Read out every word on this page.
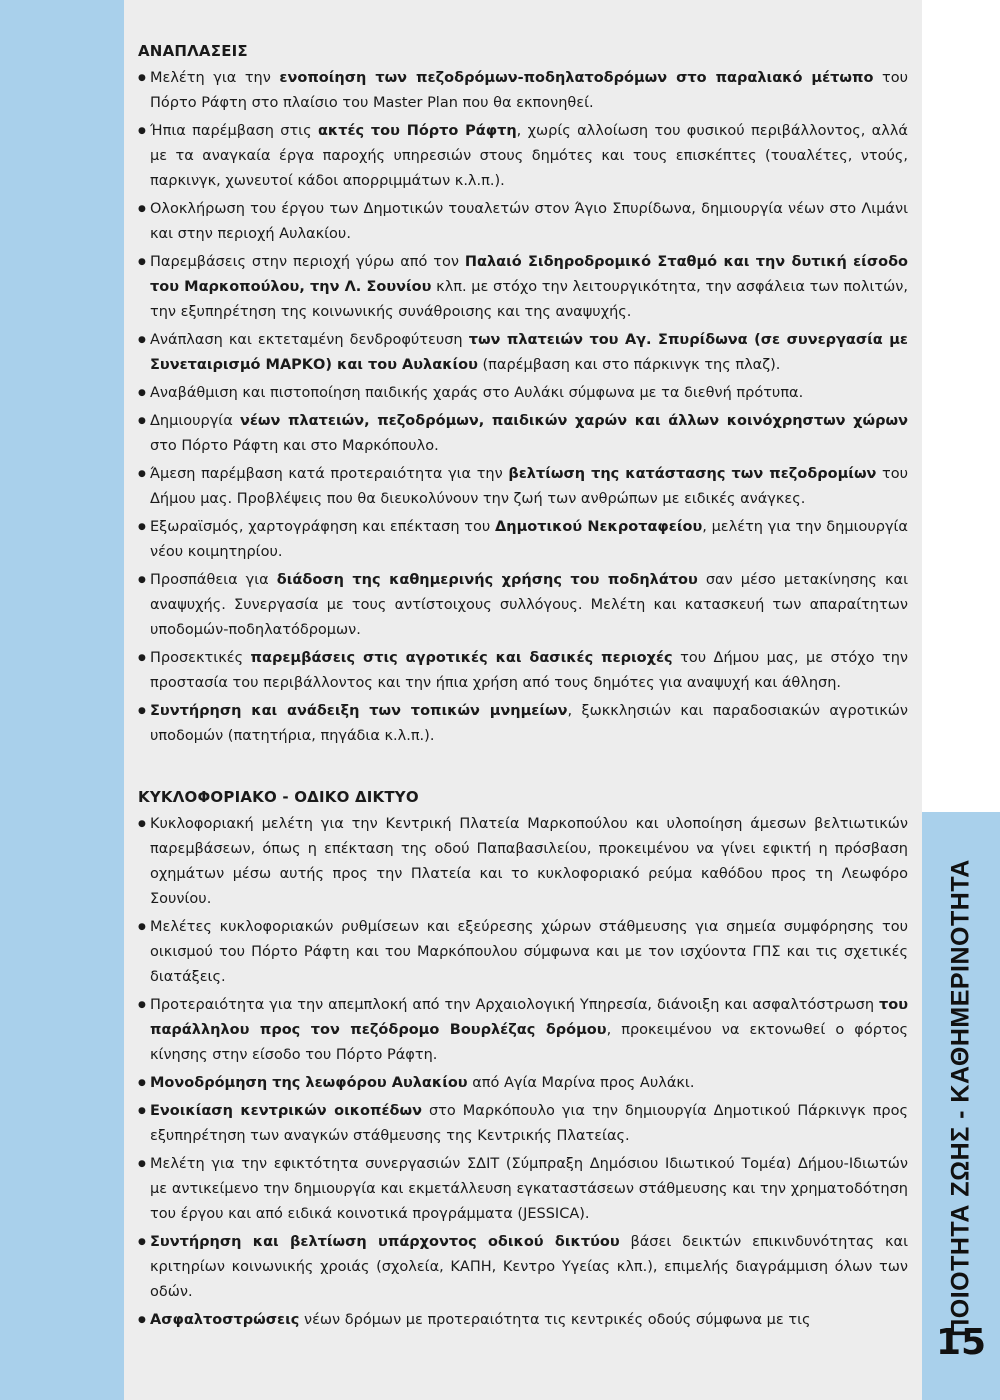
ΠΟΙΟΤΗΤΑ ΖΩΗΣ - ΚΑΘΗΜΕΡΙΝΟΤΗΤΑ
15
ΑΝΑΠΛΑΣΕΙΣ
● Μελέτη για την ενοποίηση των πεζοδρόμων-ποδηλατοδρόμων στο παραλιακό μέτωπο του Πόρτο Ράφτη στο πλαίσιο του Master Plan που θα εκπονηθεί.
● Ήπια παρέμβαση στις ακτές του Πόρτο Ράφτη, χωρίς αλλοίωση του φυσικού περιβάλλοντος, αλλά με τα αναγκαία έργα παροχής υπηρεσιών στους δημότες και τους επισκέπτες (τουαλέτες, ντούς, παρκινγκ, χωνευτοί κάδοι απορριμμάτων κ.λ.π.).
● Ολοκλήρωση του έργου των Δημοτικών τουαλετών στον Άγιο Σπυρίδωνα, δημιουργία νέων στο Λιμάνι και στην περιοχή Αυλακίου.
● Παρεμβάσεις στην περιοχή γύρω από τον Παλαιό Σιδηροδρομικό Σταθμό και την δυτική είσοδο του Μαρκοπούλου, την Λ. Σουνίου κλπ. με στόχο την λειτουργικότητα, την ασφάλεια των πολιτών, την εξυπηρέτηση της κοινωνικής συνάθροισης και της αναψυχής.
● Ανάπλαση και εκτεταμένη δενδροφύτευση των πλατειών του Αγ. Σπυρίδωνα (σε συνεργασία με Συνεταιρισμό ΜΑΡΚΟ) και του Αυλακίου (παρέμβαση και στο πάρκινγκ της πλαζ).
● Αναβάθμιση και πιστοποίηση παιδικής χαράς στο Αυλάκι σύμφωνα με τα διεθνή πρότυπα.
● Δημιουργία νέων πλατειών, πεζοδρόμων, παιδικών χαρών και άλλων κοινόχρηστων χώρων στο Πόρτο Ράφτη και στο Μαρκόπουλο.
● Άμεση παρέμβαση κατά προτεραιότητα για την βελτίωση της κατάστασης των πεζοδρομίων του Δήμου μας. Προβλέψεις που θα διευκολύνουν την ζωή των ανθρώπων με ειδικές ανάγκες.
● Εξωραϊσμός, χαρτογράφηση και επέκταση του Δημοτικού Νεκροταφείου, μελέτη για την δημιουργία νέου κοιμητηρίου.
● Προσπάθεια για διάδοση της καθημερινής χρήσης του ποδηλάτου σαν μέσο μετακίνησης και αναψυχής. Συνεργασία με τους αντίστοιχους συλλόγους. Μελέτη και κατασκευή των απαραίτητων υποδομών-ποδηλατόδρομων.
● Προσεκτικές παρεμβάσεις στις αγροτικές και δασικές περιοχές του Δήμου μας, με στόχο την προστασία του περιβάλλοντος και την ήπια χρήση από τους δημότες για αναψυχή και άθληση.
● Συντήρηση και ανάδειξη των τοπικών μνημείων, ξωκκλησιών και παραδοσιακών αγροτικών υποδομών (πατητήρια, πηγάδια κ.λ.π.).
ΚΥΚΛΟΦΟΡΙΑΚΟ - ΟΔΙΚΟ ΔΙΚΤΥΟ
● Κυκλοφοριακή μελέτη για την Κεντρική Πλατεία Μαρκοπούλου και υλοποίηση άμεσων βελτιωτικών παρεμβάσεων, όπως η επέκταση της οδού Παπαβασιλείου, προκειμένου να γίνει εφικτή η πρόσβαση οχημάτων μέσω αυτής προς την Πλατεία και το κυκλοφοριακό ρεύμα καθόδου προς τη Λεωφόρο Σουνίου.
● Μελέτες κυκλοφοριακών ρυθμίσεων και εξεύρεσης χώρων στάθμευσης για σημεία συμφόρησης του οικισμού του Πόρτο Ράφτη και του Μαρκόπουλου σύμφωνα και με τον ισχύοντα ΓΠΣ και τις σχετικές διατάξεις.
● Προτεραιότητα για την απεμπλοκή από την Αρχαιολογική Υπηρεσία, διάνοιξη και ασφαλτόστρωση του παράλληλου προς τον πεζόδρομο Βουρλέζας δρόμου, προκειμένου να εκτονωθεί ο φόρτος κίνησης στην είσοδο του Πόρτο Ράφτη.
● Μονοδρόμηση της λεωφόρου Αυλακίου από Αγία Μαρίνα προς Αυλάκι.
● Ενοικίαση κεντρικών οικοπέδων στο Μαρκόπουλο για την δημιουργία Δημοτικού Πάρκινγκ προς εξυπηρέτηση των αναγκών στάθμευσης της Κεντρικής Πλατείας.
● Μελέτη για την εφικτότητα συνεργασιών ΣΔΙΤ (Σύμπραξη Δημόσιου Ιδιωτικού Τομέα) Δήμου-Ιδιωτών με αντικείμενο την δημιουργία και εκμετάλλευση εγκαταστάσεων στάθμευσης και την χρηματοδότηση του έργου και από ειδικά κοινοτικά προγράμματα (JESSICA).
● Συντήρηση και βελτίωση υπάρχοντος οδικού δικτύου βάσει δεικτών επικινδυνότητας και κριτηρίων κοινωνικής χροιάς (σχολεία, ΚΑΠΗ, Κεντρο Υγείας κλπ.), επιμελής διαγράμμιση όλων των οδών.
● Ασφαλτοστρώσεις νέων δρόμων με προτεραιότητα τις κεντρικές οδούς σύμφωνα με τις
